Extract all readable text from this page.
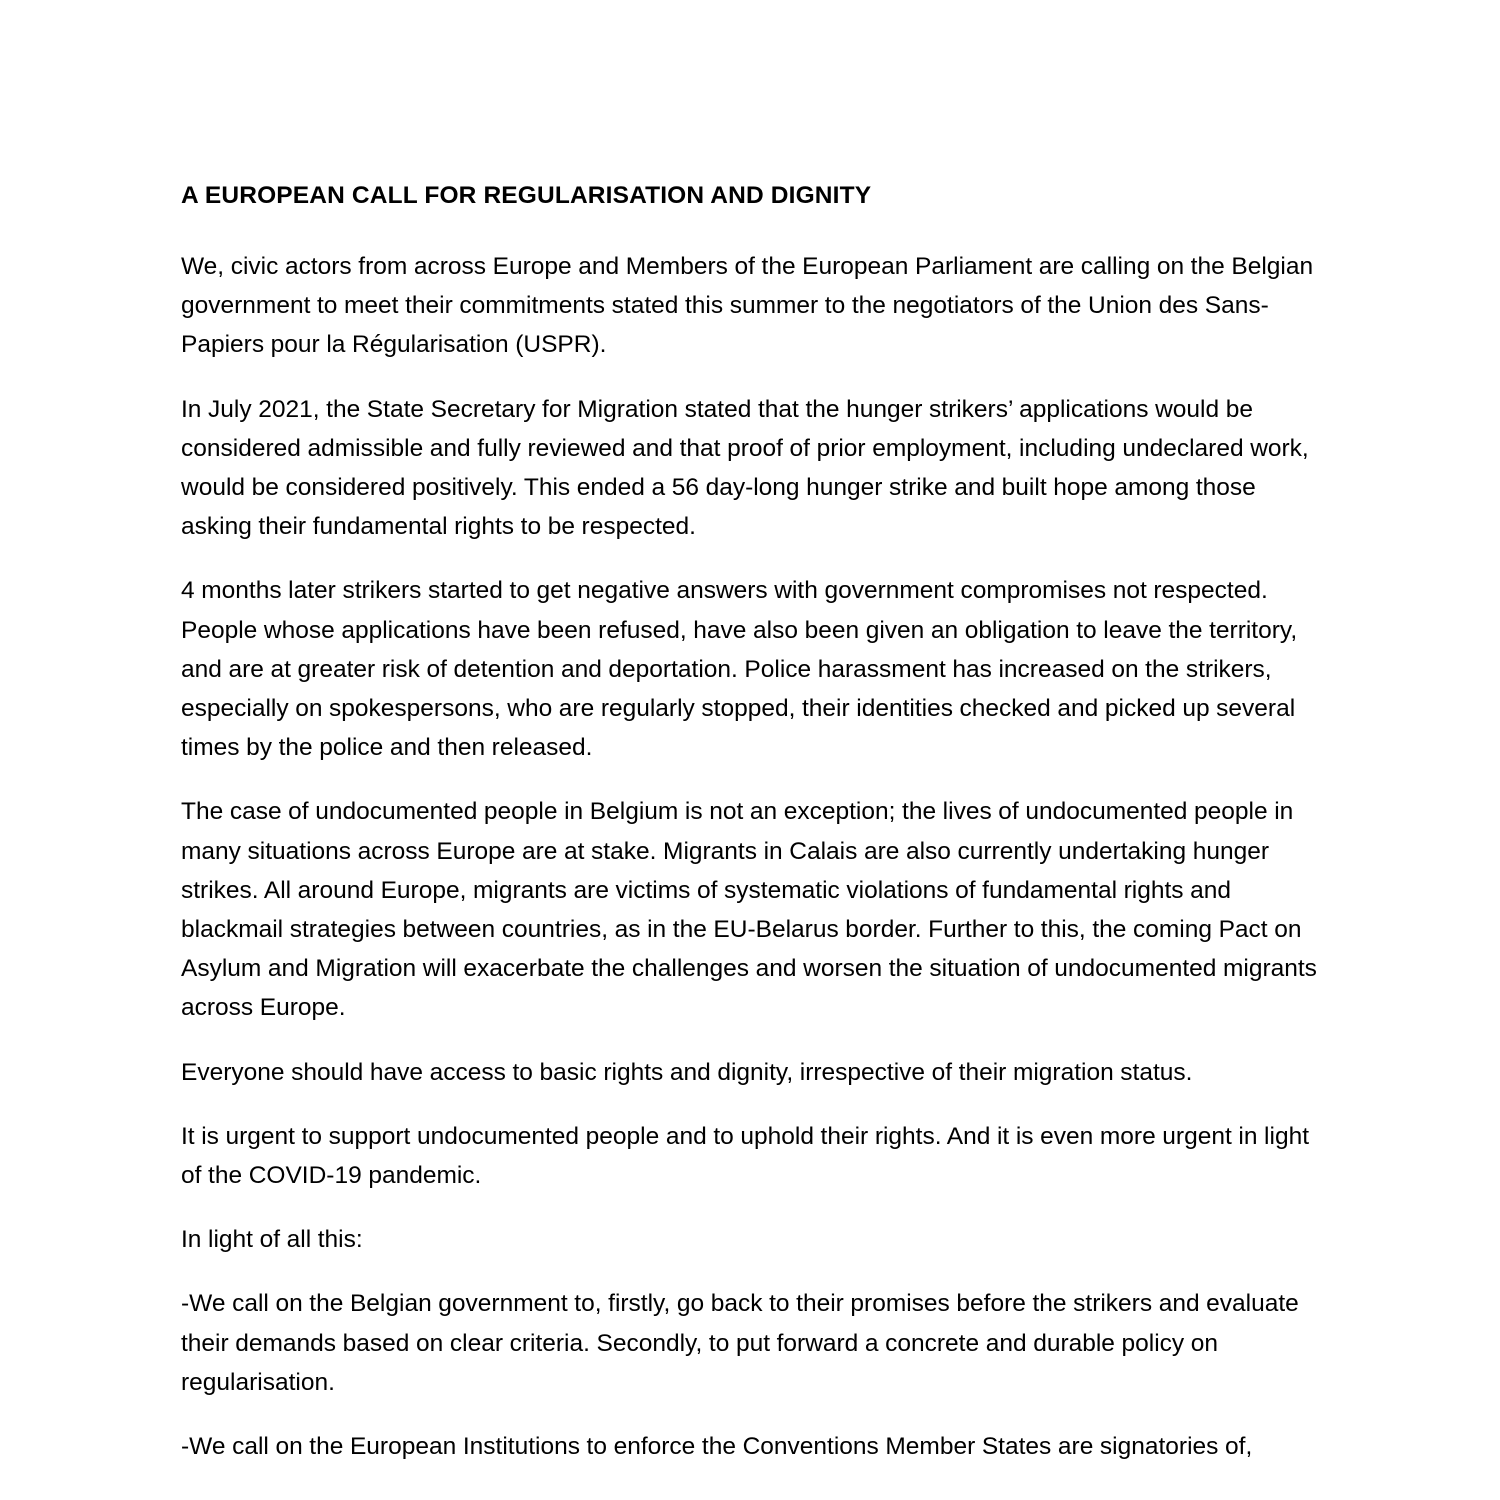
A EUROPEAN CALL FOR REGULARISATION AND DIGNITY

We, civic actors from across Europe and Members of the European Parliament are calling on the Belgian government to meet their commitments stated this summer to the negotiators of the Union des Sans-Papiers pour la Régularisation (USPR).

In July 2021, the State Secretary for Migration stated that the hunger strikers’ applications would be considered admissible and fully reviewed and that proof of prior employment, including undeclared work, would be considered positively. This ended a 56 day-long hunger strike and built hope among those asking their fundamental rights to be respected.

4 months later strikers started to get negative answers with government compromises not respected. People whose applications have been refused, have also been given an obligation to leave the territory, and are at greater risk of detention and deportation. Police harassment has increased on the strikers, especially on spokespersons, who are regularly stopped, their identities checked and picked up several times by the police and then released.

The case of undocumented people in Belgium is not an exception; the lives of undocumented people in many situations across Europe are at stake. Migrants in Calais are also currently undertaking hunger strikes. All around Europe, migrants are victims of systematic violations of fundamental rights and blackmail strategies between countries, as in the EU-Belarus border. Further to this, the coming Pact on Asylum and Migration will exacerbate the challenges and worsen the situation of undocumented migrants across Europe.

Everyone should have access to basic rights and dignity, irrespective of their migration status.

It is urgent to support undocumented people and to uphold their rights. And it is even more urgent in light of the COVID-19 pandemic.

In light of all this:

-We call on the Belgian government to, firstly, go back to their promises before the strikers and evaluate their demands based on clear criteria. Secondly, to put forward a concrete and durable policy on regularisation.

-We call on the European Institutions to enforce the Conventions Member States are signatories of,
